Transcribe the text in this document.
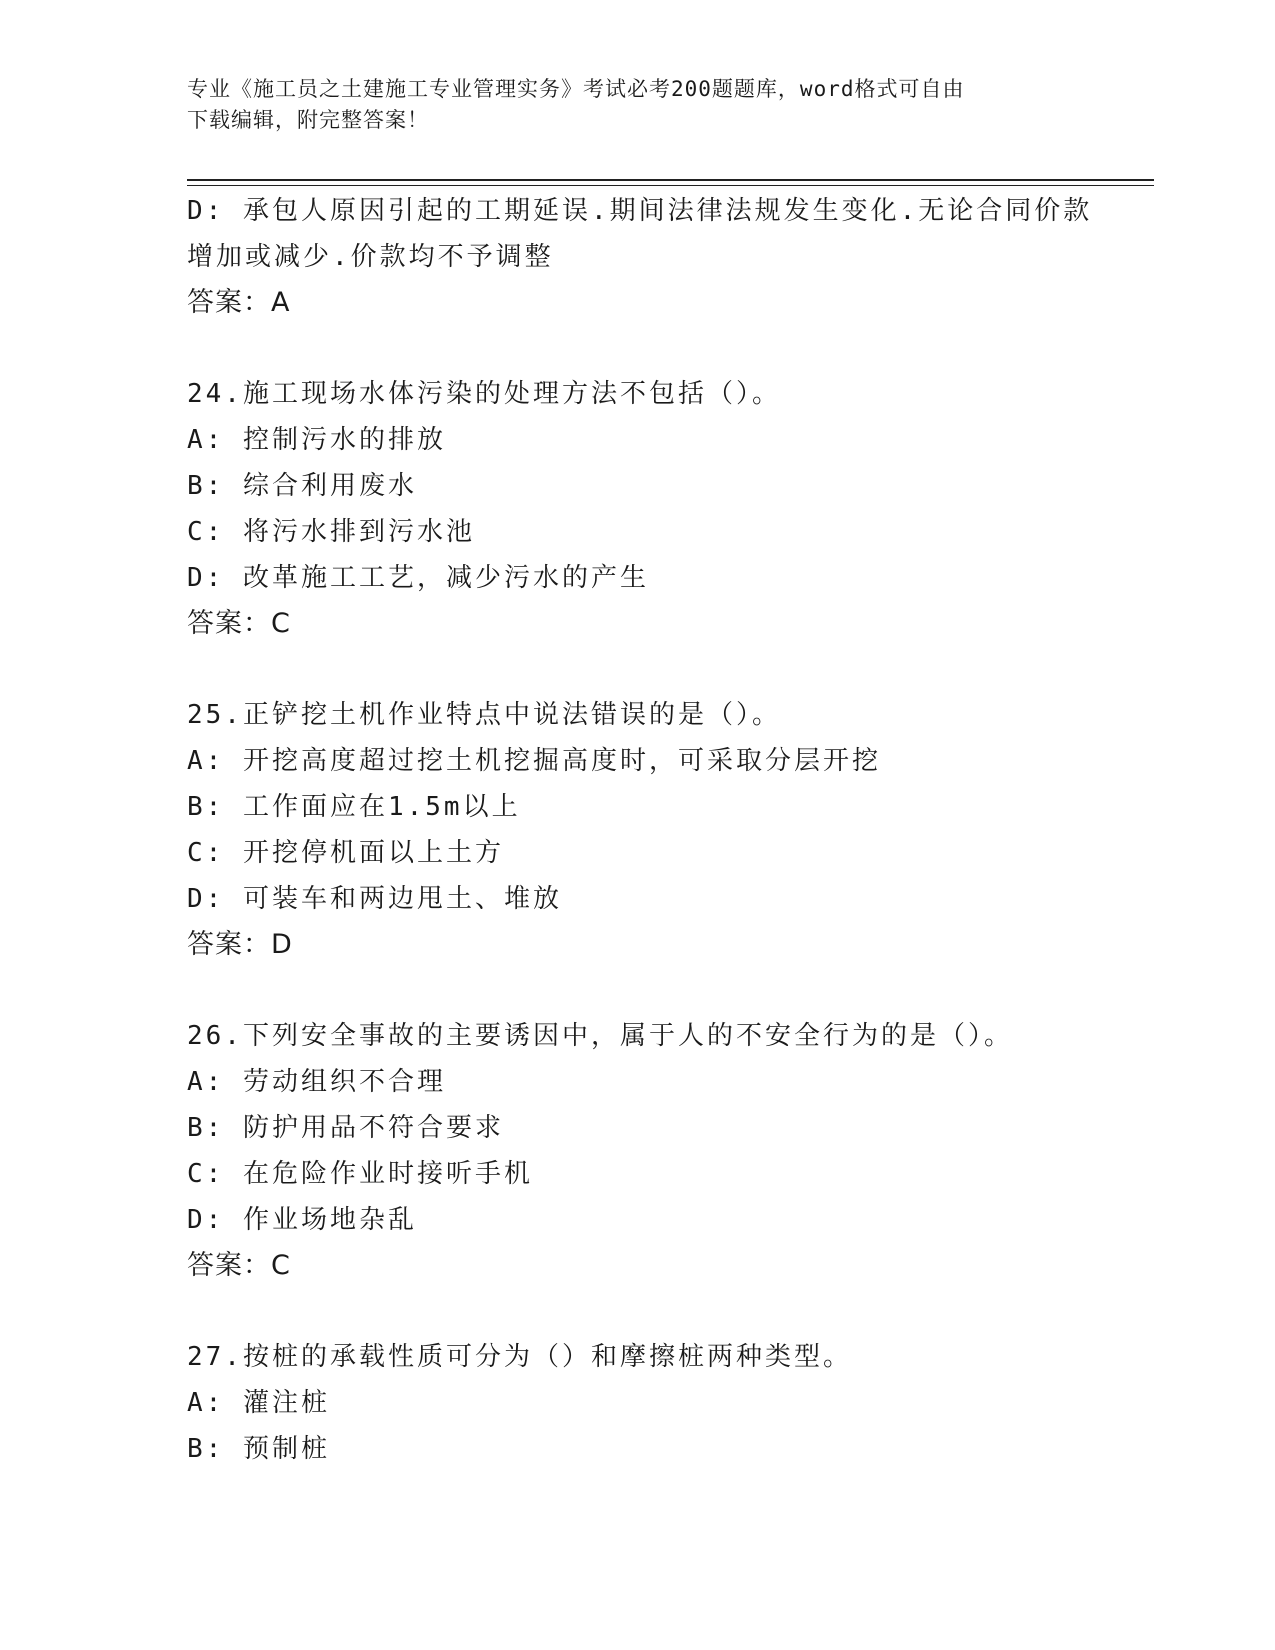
专业《施工员之土建施工专业管理实务》考试必考200题题库，word格式可自由
下载编辑，附完整答案！
D: 承包人原因引起的工期延误.期间法律法规发生变化.无论合同价款
增加或减少.价款均不予调整
答案：A
24.施工现场水体污染的处理方法不包括（）。
A: 控制污水的排放
B: 综合利用废水
C: 将污水排到污水池
D: 改革施工工艺，减少污水的产生
答案：C
25.正铲挖土机作业特点中说法错误的是（）。
A: 开挖高度超过挖土机挖掘高度时，可采取分层开挖
B: 工作面应在1.5m以上
C: 开挖停机面以上土方
D: 可装车和两边甩土、堆放
答案：D
26.下列安全事故的主要诱因中，属于人的不安全行为的是（）。
A: 劳动组织不合理
B: 防护用品不符合要求
C: 在危险作业时接听手机
D: 作业场地杂乱
答案：C
27.按桩的承载性质可分为（）和摩擦桩两种类型。
A: 灌注桩
B: 预制桩
